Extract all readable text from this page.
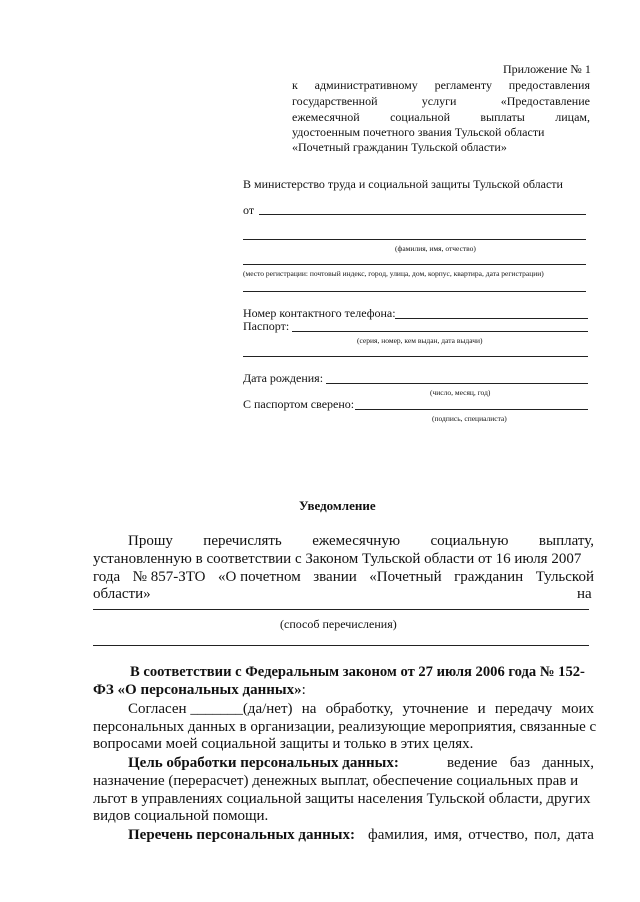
Приложение № 1
к административному регламенту предоставления
государственной	услуги	«Предоставление
ежемесячной	социальной	выплаты	лицам,
удостоенным почетного звания Тульской области
«Почетный гражданин Тульской области»
В министерство труда и социальной защиты Тульской области
от
(фамилия, имя, отчество)
(место регистрации: почтовый индекс, город, улица, дом, корпус, квартира, дата регистрации)
Номер контактного телефона:
Паспорт:
(серия, номер, кем выдан, дата выдачи)
Дата рождения:
(число, месяц, год)
С паспортом сверено:
(подпись, специалиста)
Уведомление
Прошу перечислять ежемесячную социальную выплату,
установленную в соответствии с Законом Тульской области от 16 июля 2007
года № 857-ЗТО «О почетном звании «Почетный гражданин Тульской
области»	на
(способ перечисления)
В соответствии с Федеральным законом от 27 июля 2006 года № 152-
ФЗ «О персональных данных»:
Согласен _______(да/нет) на обработку, уточнение и передачу моих
персональных данных в организации, реализующие мероприятия, связанные с
вопросами моей социальной защиты и только в этих целях.
Цель обработки персональных данных:	ведение баз данных,
назначение (перерасчет) денежных выплат, обеспечение социальных прав и
льгот в управлениях социальной защиты населения Тульской области, других
видов социальной помощи.
Перечень персональных данных: фамилия, имя, отчество, пол, дата
